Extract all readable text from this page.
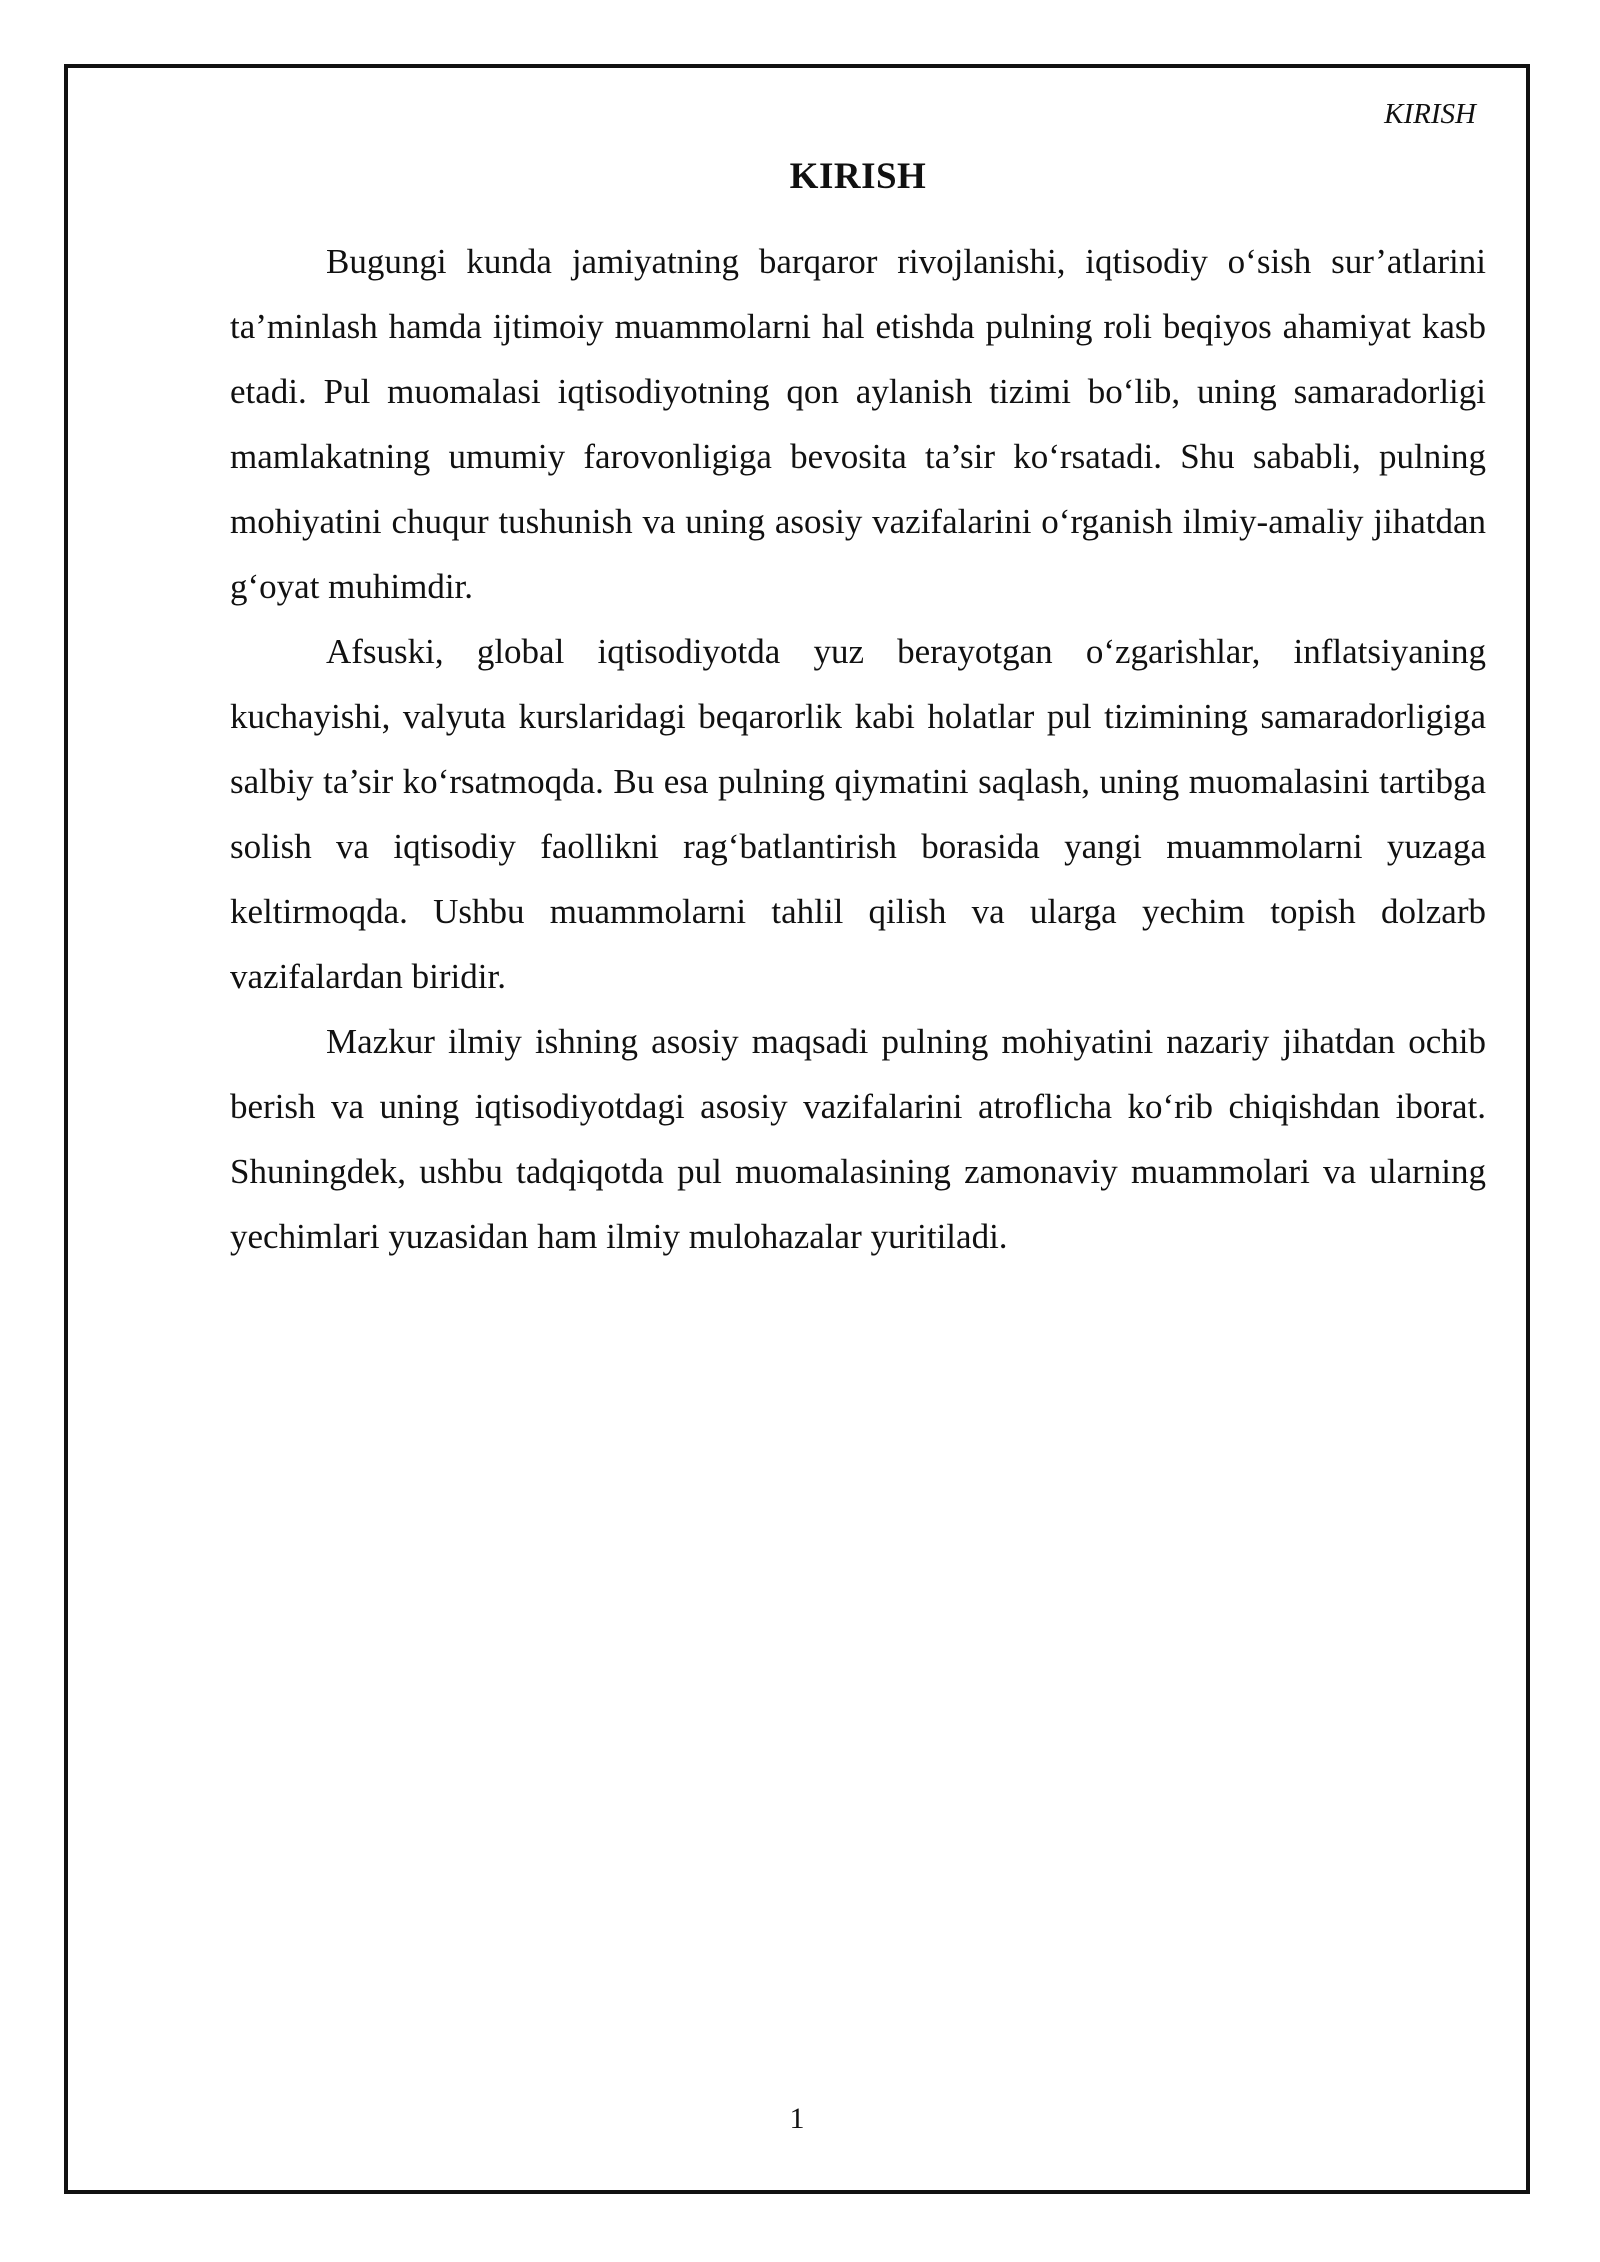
KIRISH
KIRISH

Bugungi kunda jamiyatning barqaror rivojlanishi, iqtisodiy o‘sish sur’atlarini ta’minlash hamda ijtimoiy muammolarni hal etishda pulning roli beqiyos ahamiyat kasb etadi. Pul muomalasi iqtisodiyotning qon aylanish tizimi bo‘lib, uning samaradorligi mamlakatning umumiy farovonligiga bevosita ta’sir ko‘rsatadi. Shu sababli, pulning mohiyatini chuqur tushunish va uning asosiy vazifalarini o‘rganish ilmiy-amaliy jihatdan g‘oyat muhimdir.

Afsuski, global iqtisodiyotda yuz berayotgan o‘zgarishlar, inflatsiyaning kuchayishi, valyuta kurslaridagi beqarorlik kabi holatlar pul tizimining samaradorligiga salbiy ta’sir ko‘rsatmoqda. Bu esa pulning qiymatini saqlash, uning muomalasini tartibga solish va iqtisodiy faollikni rag‘batlantirish borasida yangi muammolarni yuzaga keltirmoqda. Ushbu muammolarni tahlil qilish va ularga yechim topish dolzarb vazifalardan biridir.

Mazkur ilmiy ishning asosiy maqsadi pulning mohiyatini nazariy jihatdan ochib berish va uning iqtisodiyotdagi asosiy vazifalarini atroflicha ko‘rib chiqishdan iborat. Shuningdek, ushbu tadqiqotda pul muomalasining zamonaviy muammolari va ularning yechimlari yuzasidan ham ilmiy mulohazalar yuritiladi.

1
